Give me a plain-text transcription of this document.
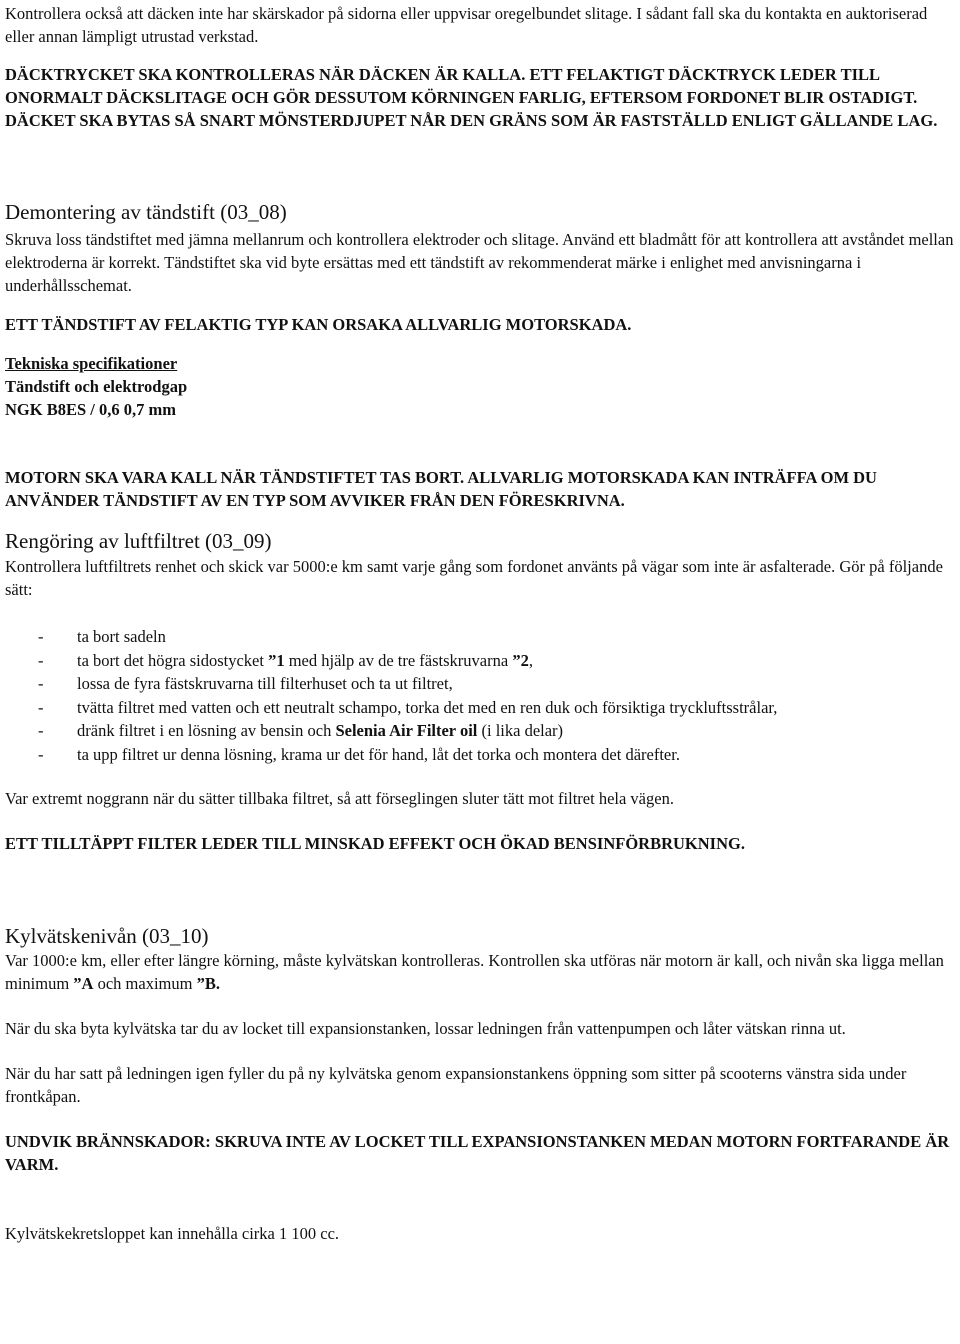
Kontrollera också att däcken inte har skärskador på sidorna eller uppvisar oregelbundet slitage. I sådant fall ska du kontakta en auktoriserad eller annan lämpligt utrustad verkstad.

DÄCKTRYCKET SKA KONTROLLERAS NÄR DÄCKEN ÄR KALLA. ETT FELAKTIGT DÄCKTRYCK LEDER TILL ONORMALT DÄCKSLITAGE OCH GÖR DESSUTOM KÖRNINGEN FARLIG, EFTERSOM FORDONET BLIR OSTADIGT. DÄCKET SKA BYTAS SÅ SNART MÖNSTERDJUPET NÅR DEN GRÄNS SOM ÄR FASTSTÄLLD ENLIGT GÄLLANDE LAG.

Demontering av tändstift (03_08)

Skruva loss tändstiftet med jämna mellanrum och kontrollera elektroder och slitage. Använd ett bladmått för att kontrollera att avståndet mellan elektroderna är korrekt. Tändstiftet ska vid byte ersättas med ett tändstift av rekommenderat märke i enlighet med anvisningarna i underhållsschemat.

ETT TÄNDSTIFT AV FELAKTIG TYP KAN ORSAKA ALLVARLIG MOTORSKADA.

Tekniska specifikationer

Tändstift och elektrodgap

NGK B8ES / 0,6 0,7 mm

MOTORN SKA VARA KALL NÄR TÄNDSTIFTET TAS BORT. ALLVARLIG MOTORSKADA KAN INTRÄFFA OM DU ANVÄNDER TÄNDSTIFT AV EN TYP SOM AVVIKER FRÅN DEN FÖRESKRIVNA.

Rengöring av luftfiltret (03_09)

Kontrollera luftfiltrets renhet och skick var 5000:e km samt varje gång som fordonet använts på vägar som inte är asfalterade. Gör på följande sätt:

- ta bort sadeln
- ta bort det högra sidostycket ”1 med hjälp av de tre fästskruvarna ”2,
- lossa de fyra fästskruvarna till filterhuset och ta ut filtret,
- tvätta filtret med vatten och ett neutralt schampo, torka det med en ren duk och försiktiga tryckluftsstrålar,
- dränk filtret i en lösning av bensin och Selenia Air Filter oil (i lika delar)
- ta upp filtret ur denna lösning, krama ur det för hand, låt det torka och montera det därefter.

Var extremt noggrann när du sätter tillbaka filtret, så att förseglingen sluter tätt mot filtret hela vägen.

ETT TILLTÄPPT FILTER LEDER TILL MINSKAD EFFEKT OCH ÖKAD BENSINFÖRBRUKNING.

Kylvätskenivån (03_10)

Var 1000:e km, eller efter längre körning, måste kylvätskan kontrolleras. Kontrollen ska utföras när motorn är kall, och nivån ska ligga mellan minimum ”A och maximum ”B.

När du ska byta kylvätska tar du av locket till expansionstanken, lossar ledningen från vattenpumpen och låter vätskan rinna ut.

När du har satt på ledningen igen fyller du på ny kylvätska genom expansionstankens öppning som sitter på scooterns vänstra sida under frontkåpan.

UNDVIK BRÄNNSKADOR: SKRUVA INTE AV LOCKET TILL EXPANSIONSTANKEN MEDAN MOTORN FORTFARANDE ÄR VARM.

Kylvätskekretsloppet kan innehålla cirka 1 100 cc.
